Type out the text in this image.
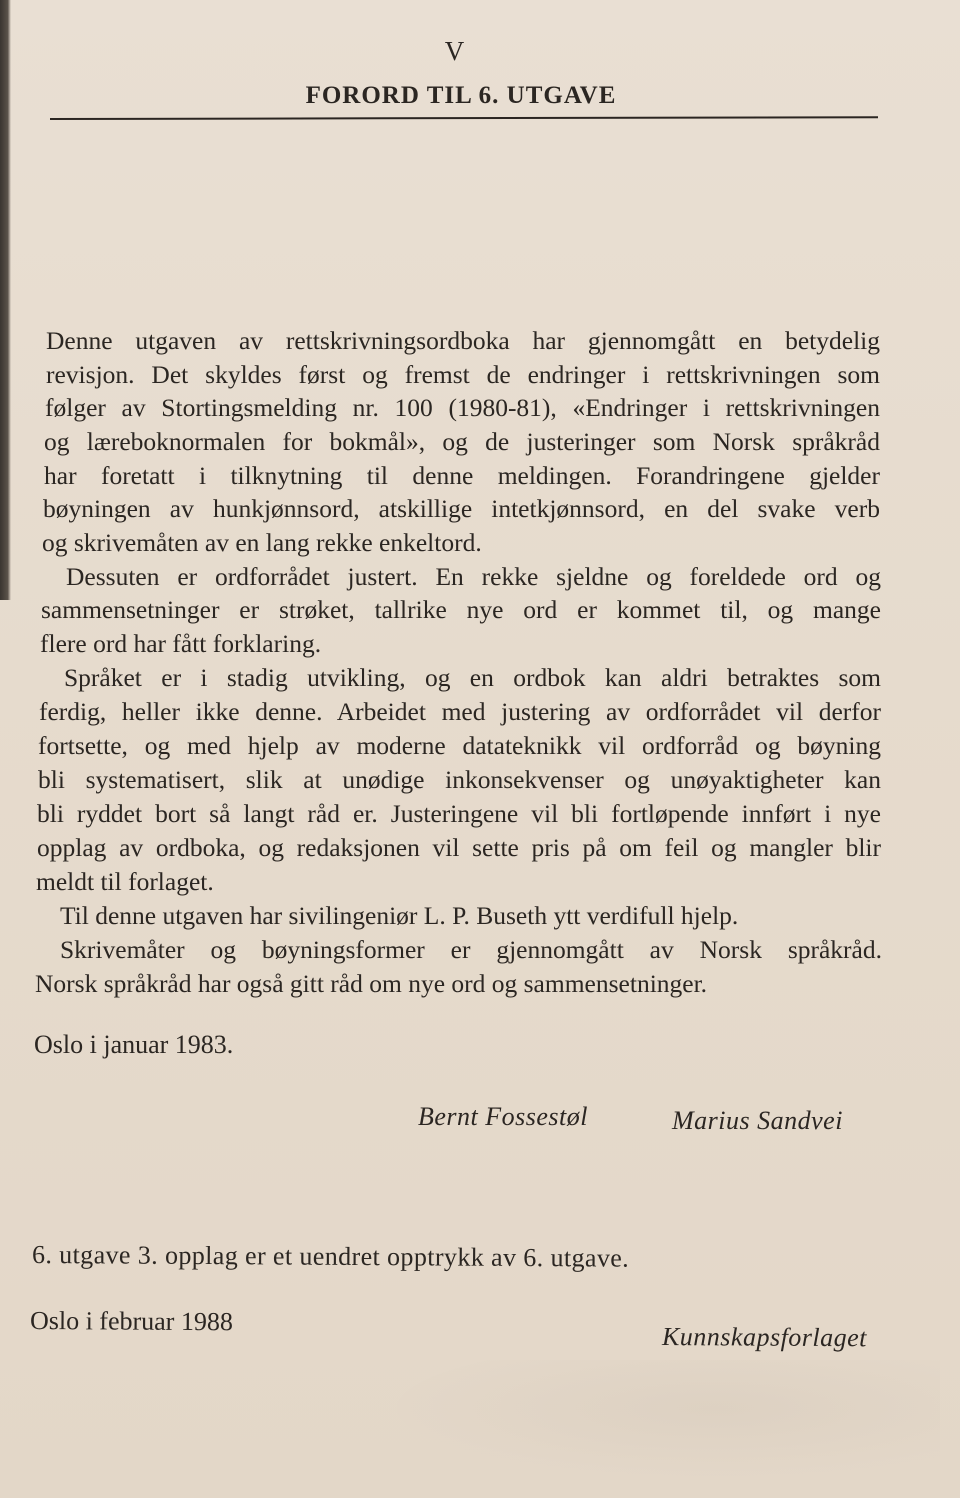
V
FORORD TIL 6. UTGAVE
Denne utgaven av rettskrivningsordboka har gjennomgått en betydelig
revisjon. Det skyldes først og fremst de endringer i rettskrivningen som
følger av Stortingsmelding nr. 100 (1980-81), «Endringer i rettskrivningen
og læreboknormalen for bokmål», og de justeringer som Norsk språkråd
har foretatt i tilknytning til denne meldingen. Forandringene gjelder
bøyningen av hunkjønnsord, atskillige intetkjønnsord, en del svake verb
og skrivemåten av en lang rekke enkeltord.
Dessuten er ordforrådet justert. En rekke sjeldne og foreldede ord og
sammensetninger er strøket, tallrike nye ord er kommet til, og mange
flere ord har fått forklaring.
Språket er i stadig utvikling, og en ordbok kan aldri betraktes som
ferdig, heller ikke denne. Arbeidet med justering av ordforrådet vil derfor
fortsette, og med hjelp av moderne datateknikk vil ordforråd og bøyning
bli systematisert, slik at unødige inkonsekvenser og unøyaktigheter kan
bli ryddet bort så langt råd er. Justeringene vil bli fortløpende innført i nye
opplag av ordboka, og redaksjonen vil sette pris på om feil og mangler blir
meldt til forlaget.
Til denne utgaven har sivilingeniør L. P. Buseth ytt verdifull hjelp.
Skrivemåter og bøyningsformer er gjennomgått av Norsk språkråd.
Norsk språkråd har også gitt råd om nye ord og sammensetninger.
Oslo i januar 1983.
Bernt Fossestøl	Marius Sandvei
6. utgave 3. opplag er et uendret opptrykk av 6. utgave.
Oslo i februar 1988
Kunnskapsforlaget
